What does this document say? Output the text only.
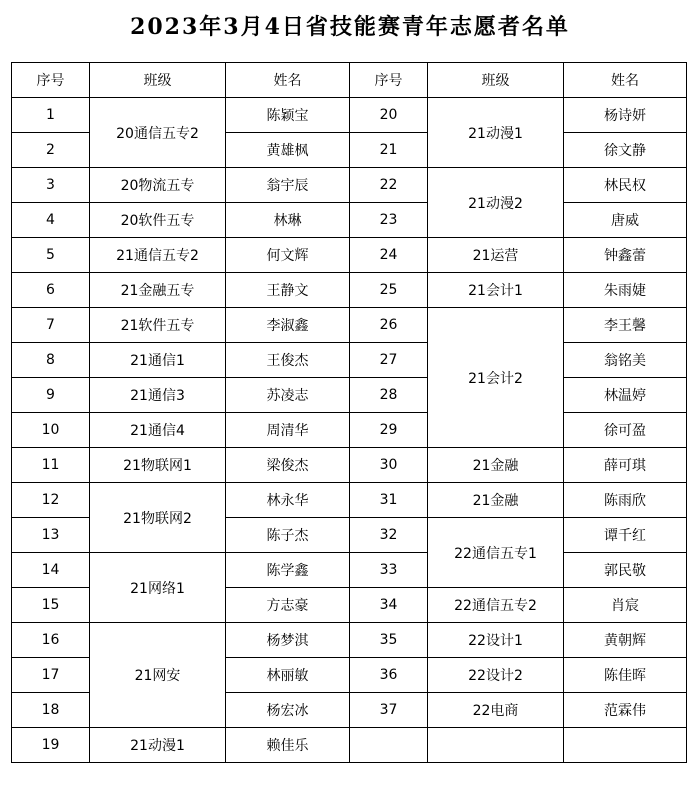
2023年3月4日省技能赛青年志愿者名单
序号	班级	姓名	序号	班级	姓名
1	20通信五专2	陈颖宝	20	21动漫1	杨诗妍
2		黄雄枫	21		徐文静
3	20物流五专	翁宇辰	22	21动漫2	林民权
4	20软件五专	林琳	23		唐威
5	21通信五专2	何文辉	24	21运营	钟鑫蕾
6	21金融五专	王静文	25	21会计1	朱雨婕
7	21软件五专	李淑鑫	26	21会计2	李王馨
8	21通信1	王俊杰	27		翁铭美
9	21通信3	苏凌志	28		林温婷
10	21通信4	周清华	29		徐可盈
11	21物联网1	梁俊杰	30	21金融	薛可琪
12	21物联网2	林永华	31	21金融	陈雨欣
13		陈子杰	32	22通信五专1	谭千红
14	21网络1	陈学鑫	33		郭民敬
15		方志豪	34	22通信五专2	肖宸
16	21网安	杨梦淇	35	22设计1	黄朝辉
17		林丽敏	36	22设计2	陈佳晖
18		杨宏冰	37	22电商	范霖伟
19	21动漫1	赖佳乐			
